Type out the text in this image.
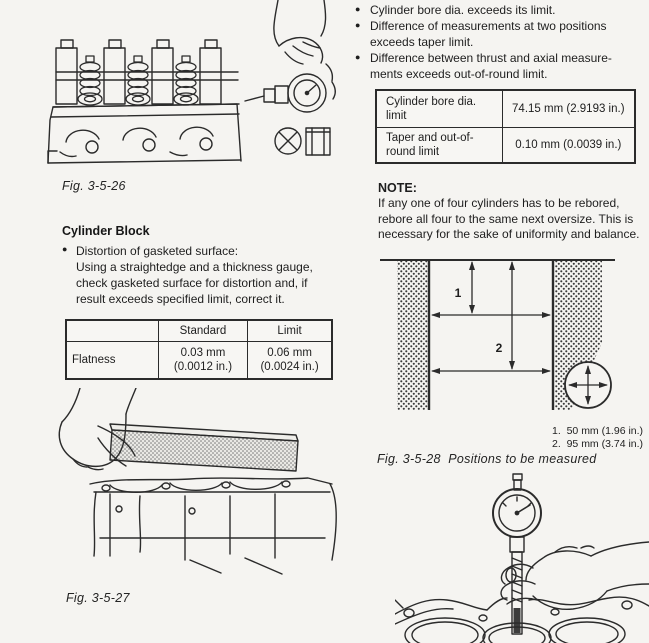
Fig. 3-5-26
Cylinder Block
● Distortion of gasketed surface:
Using a straightedge and a thickness gauge,
check gasketed surface for distortion and, if
result exceeds specified limit, correct it.
	Standard	Limit
Flatness	0.03 mm (0.0012 in.)	0.06 mm (0.0024 in.)
Fig. 3-5-27
● Cylinder bore dia. exceeds its limit.
● Difference of measurements at two positions
exceeds taper limit.
● Difference between thrust and axial measure-
ments exceeds out-of-round limit.
Cylinder bore dia. limit	74.15 mm (2.9193 in.)
Taper and out-of-round limit	0.10 mm (0.0039 in.)
NOTE:
If any one of four cylinders has to be rebored,
rebore all four to the same next oversize. This is
necessary for the sake of uniformity and balance.
1
2
1.  50 mm (1.96 in.)
2.  95 mm (3.74 in.)
Fig. 3-5-28  Positions to be measured
